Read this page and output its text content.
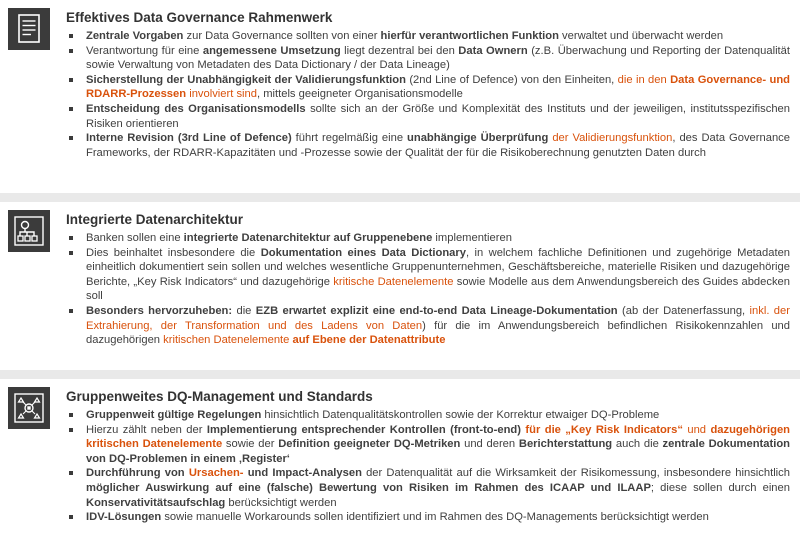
Effektives Data Governance Rahmenwerk
Zentrale Vorgaben zur Data Governance sollten von einer hierfür verantwortlichen Funktion verwaltet und überwacht werden
Verantwortung für eine angemessene Umsetzung liegt dezentral bei den Data Ownern (z.B. Überwachung und Reporting der Datenqualität sowie Verwaltung von Metadaten des Data Dictionary / der Data Lineage)
Sicherstellung der Unabhängigkeit der Validierungsfunktion (2nd Line of Defence) von den Einheiten, die in den Data Governance- und RDARR-Prozessen involviert sind, mittels geeigneter Organisationsmodelle
Entscheidung des Organisationsmodells sollte sich an der Größe und Komplexität des Instituts und der jeweiligen, institutsspezifischen Risiken orientieren
Interne Revision (3rd Line of Defence) führt regelmäßig eine unabhängige Überprüfung der Validierungsfunktion, des Data Governance Frameworks, der RDARR-Kapazitäten und -Prozesse sowie der Qualität der für die Risikoberechnung genutzten Daten durch
Integrierte Datenarchitektur
Banken sollen eine integrierte Datenarchitektur auf Gruppenebene implementieren
Dies beinhaltet insbesondere die Dokumentation eines Data Dictionary, in welchem fachliche Definitionen und zugehörige Metadaten einheitlich dokumentiert sein sollen und welches wesentliche Gruppenunternehmen, Geschäftsbereiche, materielle Risiken und dazugehörige Berichte, „Key Risk Indicators“ und dazugehörige kritische Datenelemente sowie Modelle aus dem Anwendungsbereich des Guides abdecken soll
Besonders hervorzuheben: die EZB erwartet explizit eine end-to-end Data Lineage-Dokumentation (ab der Datenerfassung, inkl. der Extrahierung, der Transformation und des Ladens von Daten) für die im Anwendungsbereich befindlichen Risikokennzahlen und dazugehörigen kritischen Datenelemente auf Ebene der Datenattribute
Gruppenweites DQ-Management und Standards
Gruppenweit gültige Regelungen hinsichtlich Datenqualitätskontrollen sowie der Korrektur etwaiger DQ-Probleme
Hierzu zählt neben der Implementierung entsprechender Kontrollen (front-to-end) für die „Key Risk Indicators“ und dazugehörigen kritischen Datenelemente sowie der Definition geeigneter DQ-Metriken und deren Berichterstattung auch die zentrale Dokumentation von DQ-Problemen in einem ‚Register‘
Durchführung von Ursachen- und Impact-Analysen der Datenqualität auf die Wirksamkeit der Risikomessung, insbesondere hinsichtlich möglicher Auswirkung auf eine (falsche) Bewertung von Risiken im Rahmen des ICAAP und ILAAP; diese sollen durch einen Konservativitätsaufschlag berücksichtigt werden
IDV-Lösungen sowie manuelle Workarounds sollen identifiziert und im Rahmen des DQ-Managements berücksichtigt werden
